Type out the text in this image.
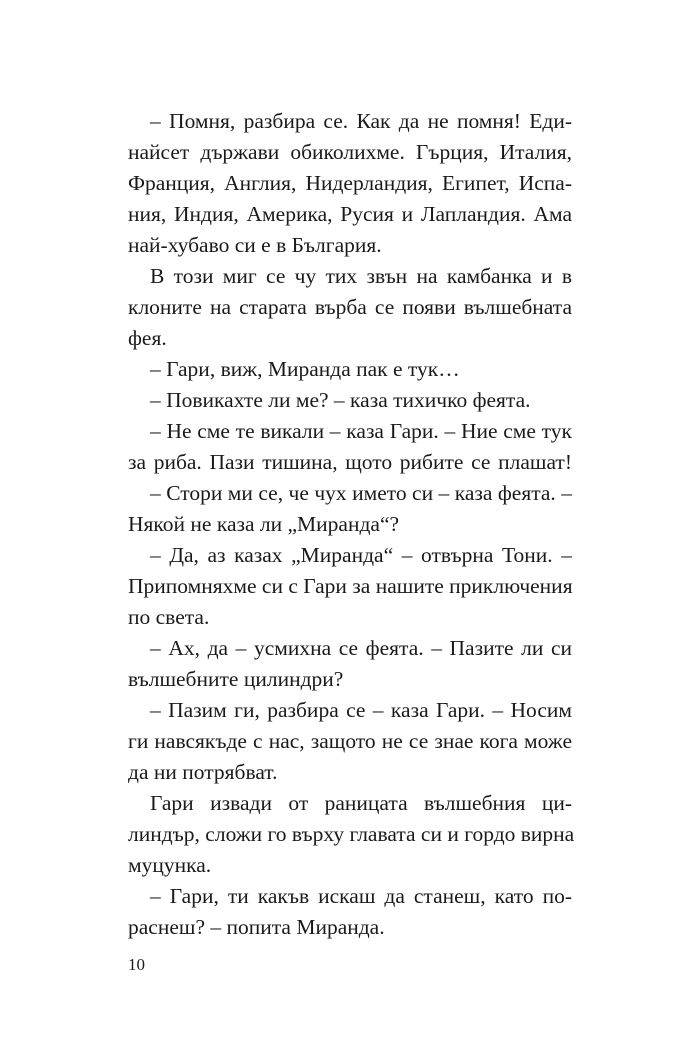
– Помня, разбира се. Как да не помня! Еди-
найсет държави обиколихме. Гърция, Италия,
Франция, Англия, Нидерландия, Египет, Испа-
ния, Индия, Америка, Русия и Лапландия. Ама
най-хубаво си е в България.
В този миг се чу тих звън на камбанка и в
клоните на старата върба се появи вълшебната
фея.
– Гари, виж, Миранда пак е тук…
– Повикахте ли ме? – каза тихичко феята.
– Не сме те викали – каза Гари. – Ние сме тук
за риба. Пази тишина, щото рибите се плашат!
– Стори ми се, че чух името си – каза феята. –
Някой не каза ли „Миранда“?
– Да, аз казах „Миранда“ – отвърна Тони. –
Припомняхме си с Гари за нашите приключения
по света.
– Ах, да – усмихна се феята. – Пазите ли си
вълшебните цилиндри?
– Пазим ги, разбира се – каза Гари. – Носим
ги навсякъде с нас, защото не се знае кога може
да ни потрябват.
Гари извади от раницата вълшебния ци-
линдър, сложи го върху главата си и гордо вирна
муцунка.
– Гари, ти какъв искаш да станеш, като по-
раснеш? – попита Миранда.
10
